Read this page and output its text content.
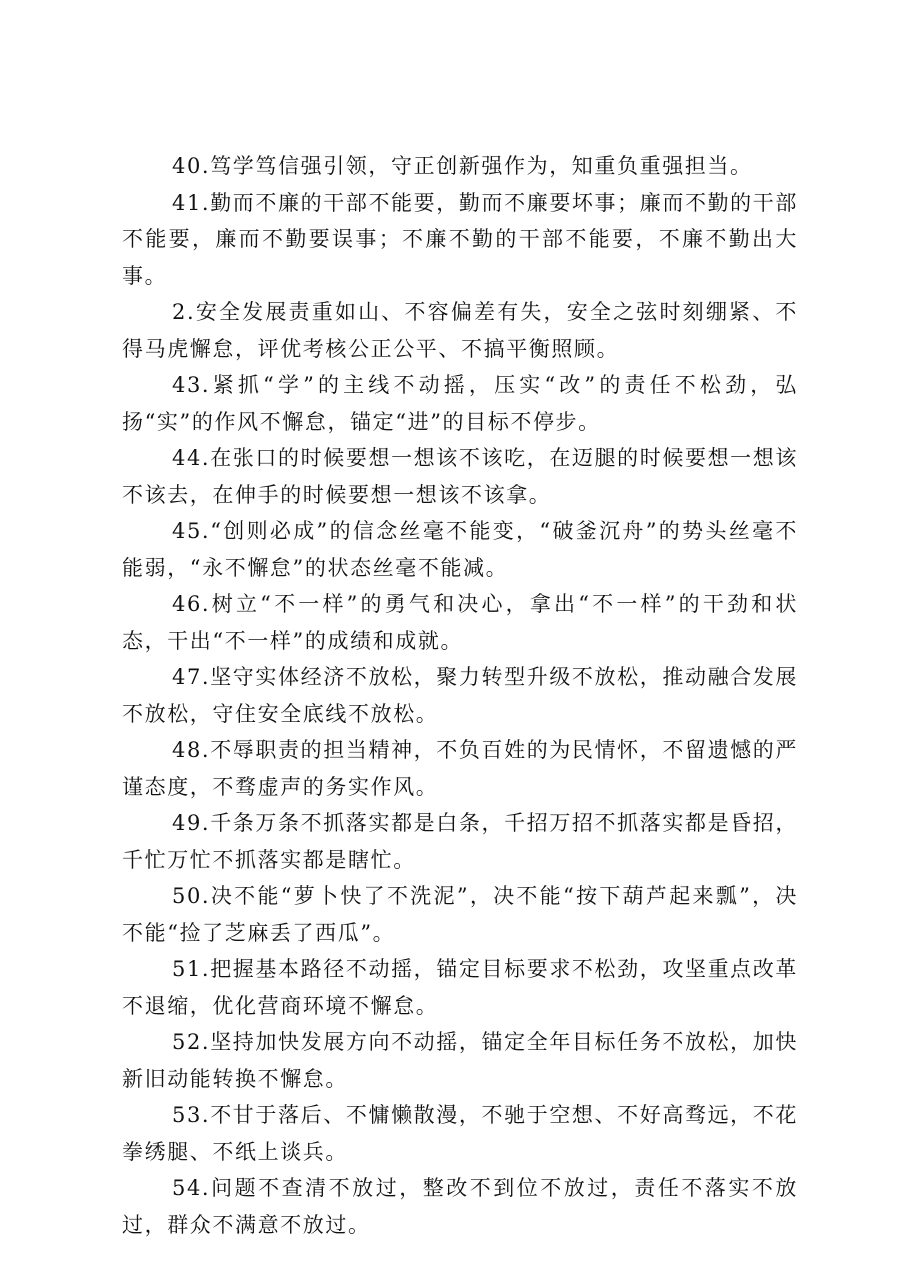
40.笃学笃信强引领，守正创新强作为，知重负重强担当。

41.勤而不廉的干部不能要，勤而不廉要坏事；廉而不勤的干部不能要，廉而不勤要误事；不廉不勤的干部不能要，不廉不勤出大事。

2.安全发展责重如山、不容偏差有失，安全之弦时刻绷紧、不得马虎懈怠，评优考核公正公平、不搞平衡照顾。

43.紧抓“学”的主线不动摇，压实“改”的责任不松劲，弘扬“实”的作风不懈怠，锚定“进”的目标不停步。

44.在张口的时候要想一想该不该吃，在迈腿的时候要想一想该不该去，在伸手的时候要想一想该不该拿。

45.“创则必成”的信念丝毫不能变，“破釜沉舟”的势头丝毫不能弱，“永不懈怠”的状态丝毫不能减。

46.树立“不一样”的勇气和决心，拿出“不一样”的干劲和状态，干出“不一样”的成绩和成就。

47.坚守实体经济不放松，聚力转型升级不放松，推动融合发展不放松，守住安全底线不放松。

48.不辱职责的担当精神，不负百姓的为民情怀，不留遗憾的严谨态度，不骛虚声的务实作风。

49.千条万条不抓落实都是白条，千招万招不抓落实都是昏招，千忙万忙不抓落实都是瞎忙。

50.决不能“萝卜快了不洗泥”，决不能“按下葫芦起来瓢”，决不能“捡了芝麻丢了西瓜”。

51.把握基本路径不动摇，锚定目标要求不松劲，攻坚重点改革不退缩，优化营商环境不懈怠。

52.坚持加快发展方向不动摇，锚定全年目标任务不放松，加快新旧动能转换不懈怠。

53.不甘于落后、不慵懒散漫，不驰于空想、不好高骛远，不花拳绣腿、不纸上谈兵。

54.问题不查清不放过，整改不到位不放过，责任不落实不放过，群众不满意不放过。
